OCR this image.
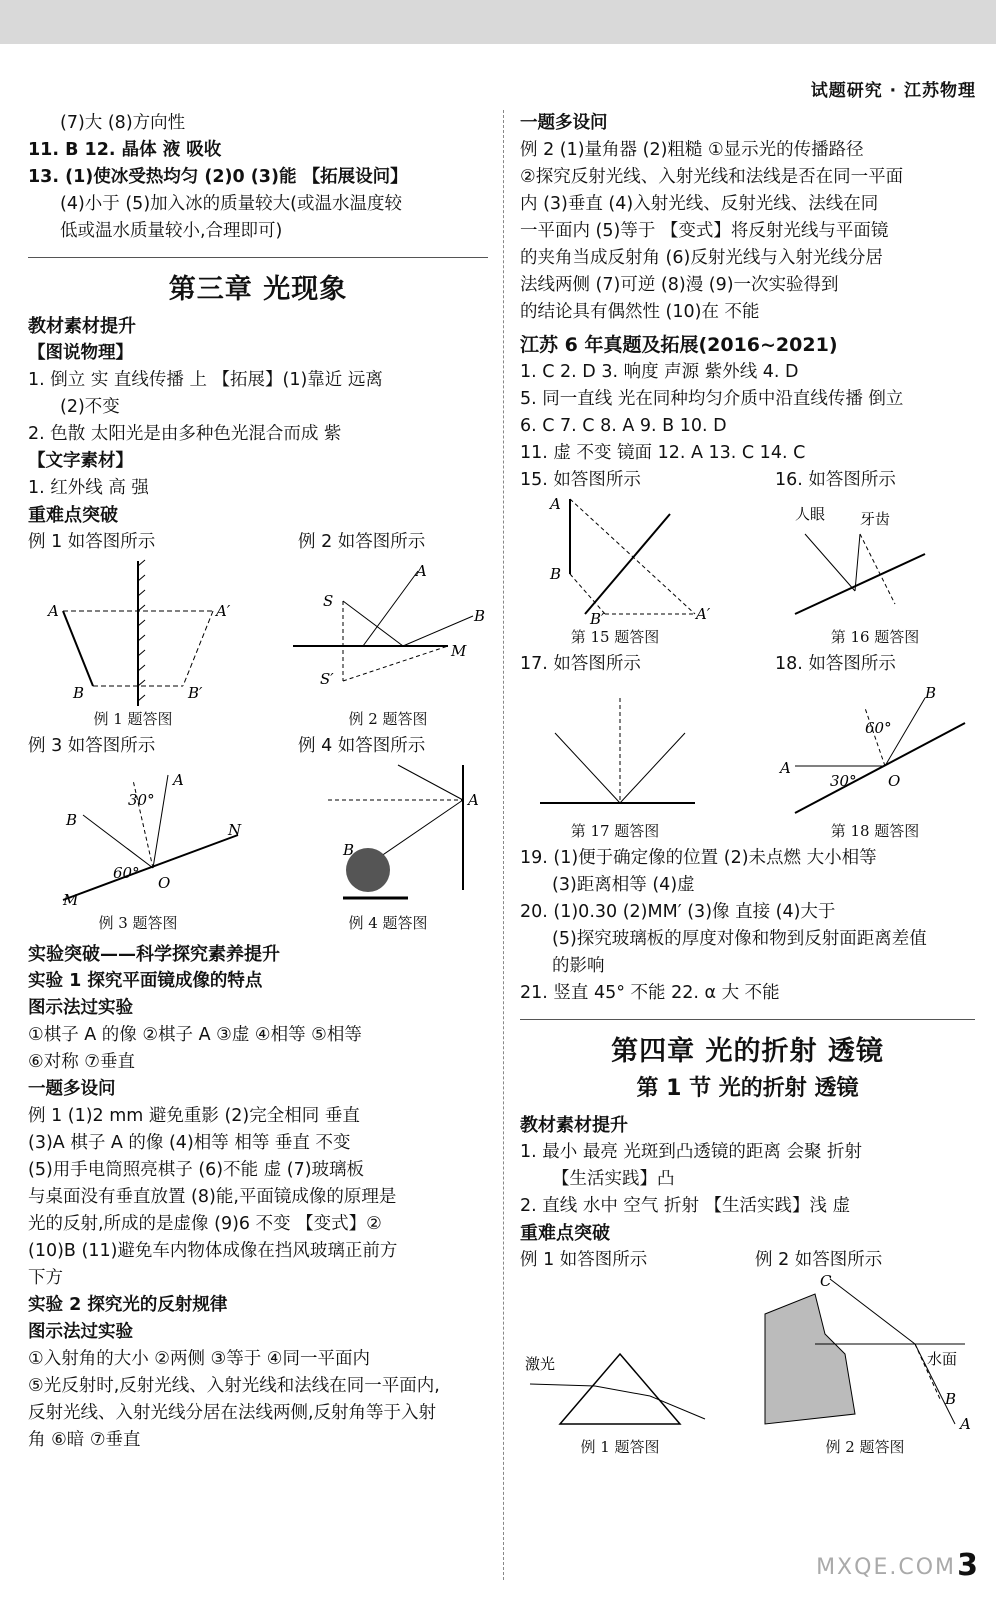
试题研究 · 江苏物理
(7)大 (8)方向性
11. B 12. 晶体 液 吸收
13. (1)使冰受热均匀 (2)0 (3)能 【拓展设问】
(4)小于 (5)加入冰的质量较大(或温水温度较
低或温水质量较小,合理即可)
第三章 光现象
教材素材提升
【图说物理】
1. 倒立 实 直线传播 上 【拓展】(1)靠近 远离
(2)不变
2. 色散 太阳光是由多种色光混合而成 紫
【文字素材】
1. 红外线 高 强
重难点突破
例 1 如答图所示	例 2 如答图所示
A	A′
B	B′
例 1 题答图
S
S′
A
B
M
例 2 题答图
例 3 如答图所示	例 4 如答图所示
A
B
30°
60°
O
N
M
例 3 题答图
A
B
例 4 题答图
实验突破——科学探究素养提升
实验 1 探究平面镜成像的特点
图示法过实验
①棋子 A 的像 ②棋子 A ③虚 ④相等 ⑤相等
⑥对称 ⑦垂直
一题多设问
例 1 (1)2 mm 避免重影 (2)完全相同 垂直
(3)A 棋子 A 的像 (4)相等 相等 垂直 不变
(5)用手电筒照亮棋子 (6)不能 虚 (7)玻璃板
与桌面没有垂直放置 (8)能,平面镜成像的原理是
光的反射,所成的是虚像 (9)6 不变 【变式】②
(10)B (11)避免车内物体成像在挡风玻璃正前方
下方
实验 2 探究光的反射规律
图示法过实验
①入射角的大小 ②两侧 ③等于 ④同一平面内
⑤光反射时,反射光线、入射光线和法线在同一平面内,
反射光线、入射光线分居在法线两侧,反射角等于入射
角 ⑥暗 ⑦垂直
一题多设问
例 2 (1)量角器 (2)粗糙 ①显示光的传播路径
②探究反射光线、入射光线和法线是否在同一平面
内 (3)垂直 (4)入射光线、反射光线、法线在同
一平面内 (5)等于 【变式】将反射光线与平面镜
的夹角当成反射角 (6)反射光线与入射光线分居
法线两侧 (7)可逆 (8)漫 (9)一次实验得到
的结论具有偶然性 (10)在 不能
江苏 6 年真题及拓展(2016~2021)
1. C 2. D 3. 响度 声源 紫外线 4. D
5. 同一直线 光在同种均匀介质中沿直线传播 倒立
6. C 7. C 8. A 9. B 10. D
11. 虚 不变 镜面 12. A 13. C 14. C
15. 如答图所示	16. 如答图所示
A
B
B′	A′
第 15 题答图
人眼 牙齿
第 16 题答图
17. 如答图所示	18. 如答图所示
第 17 题答图
A
B
60°
30° O
第 18 题答图
19. (1)便于确定像的位置 (2)未点燃 大小相等
(3)距离相等 (4)虚
20. (1)0.30 (2)MM′ (3)像 直接 (4)大于
(5)探究玻璃板的厚度对像和物到反射面距离差值
的影响
21. 竖直 45° 不能 22. α 大 不能
第四章 光的折射 透镜
第 1 节 光的折射 透镜
教材素材提升
1. 最小 最亮 光斑到凸透镜的距离 会聚 折射
【生活实践】凸
2. 直线 水中 空气 折射 【生活实践】浅 虚
重难点突破
例 1 如答图所示	例 2 如答图所示
激光
例 1 题答图
C
水面
B
A
例 2 题答图
MXQE.COM 3
